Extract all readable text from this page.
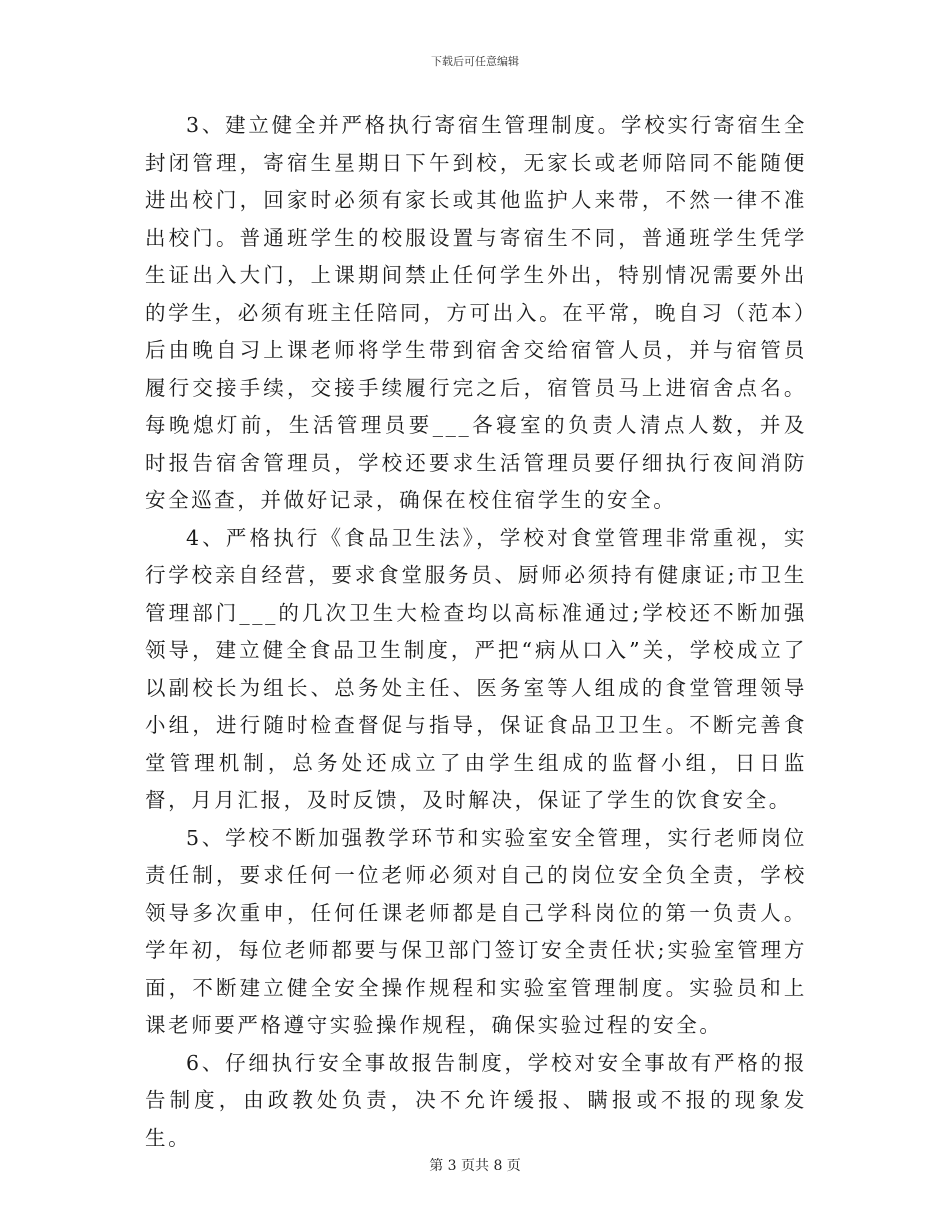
下载后可任意编辑

3、建立健全并严格执行寄宿生管理制度。学校实行寄宿生全封闭管理，寄宿生星期日下午到校，无家长或老师陪同不能随便进出校门，回家时必须有家长或其他监护人来带，不然一律不准出校门。普通班学生的校服设置与寄宿生不同，普通班学生凭学生证出入大门，上课期间禁止任何学生外出，特别情况需要外出的学生，必须有班主任陪同，方可出入。在平常，晚自习（范本）后由晚自习上课老师将学生带到宿舍交给宿管人员，并与宿管员履行交接手续，交接手续履行完之后，宿管员马上进宿舍点名。每晚熄灯前，生活管理员要___各寝室的负责人清点人数，并及时报告宿舍管理员，学校还要求生活管理员要仔细执行夜间消防安全巡查，并做好记录，确保在校住宿学生的安全。

4、严格执行《食品卫生法》，学校对食堂管理非常重视，实行学校亲自经营，要求食堂服务员、厨师必须持有健康证;市卫生管理部门___的几次卫生大检查均以高标准通过;学校还不断加强领导，建立健全食品卫生制度，严把“病从口入”关，学校成立了以副校长为组长、总务处主任、医务室等人组成的食堂管理领导小组，进行随时检查督促与指导，保证食品卫卫生。不断完善食堂管理机制，总务处还成立了由学生组成的监督小组，日日监督，月月汇报，及时反馈，及时解决，保证了学生的饮食安全。

5、学校不断加强教学环节和实验室安全管理，实行老师岗位责任制，要求任何一位老师必须对自己的岗位安全负全责，学校领导多次重申，任何任课老师都是自己学科岗位的第一负责人。学年初，每位老师都要与保卫部门签订安全责任状;实验室管理方面，不断建立健全安全操作规程和实验室管理制度。实验员和上课老师要严格遵守实验操作规程，确保实验过程的安全。

6、仔细执行安全事故报告制度，学校对安全事故有严格的报告制度，由政教处负责，决不允许缓报、瞒报或不报的现象发生。

第 3 页共 8 页
